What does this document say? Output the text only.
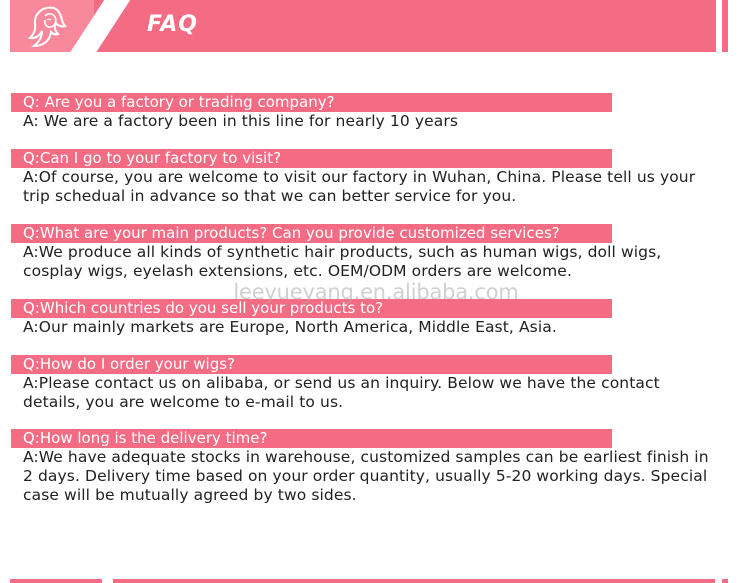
FAQ
Q: Are you a factory or trading company?
A: We are a factory been in this line for nearly 10 years
Q:Can I go to your factory to visit?
A:Of course, you are welcome to visit our factory in Wuhan, China. Please tell us your trip schedual in advance so that we can better service for you.
Q:What are your main products? Can you provide customized services?
A:We produce all kinds of synthetic hair products, such as human wigs, doll wigs, cosplay wigs, eyelash extensions, etc. OEM/ODM orders are welcome.
Q:Which countries do you sell your products to?
A:Our mainly markets are Europe, North America, Middle East, Asia.
Q:How do I order your wigs?
A:Please contact us on alibaba, or send us an inquiry. Below we have the contact details, you are welcome to e-mail to us.
Q:How long is the delivery time?
A:We have adequate stocks in warehouse, customized samples can be earliest finish in 2 days. Delivery time based on your order quantity, usually 5-20 working days. Special case will be mutually agreed by two sides.
leeyueyang.en.alibaba.com
